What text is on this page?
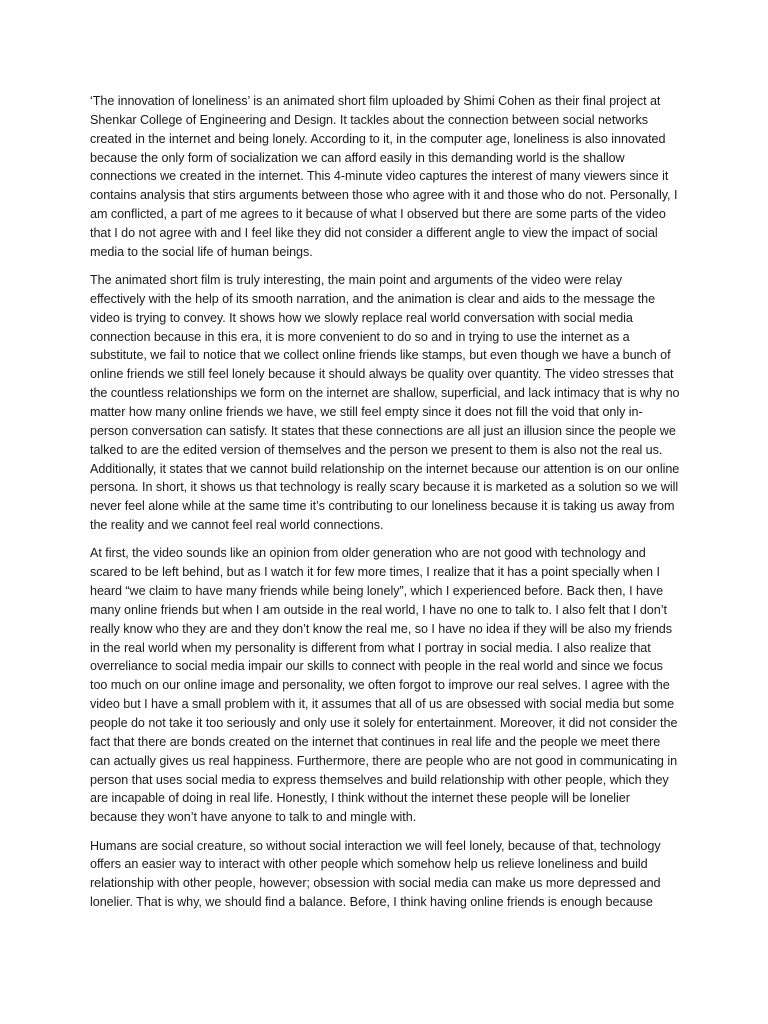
‘The innovation of loneliness’ is an animated short film uploaded by Shimi Cohen as their final project at Shenkar College of Engineering and Design. It tackles about the connection between social networks created in the internet and being lonely. According to it, in the computer age, loneliness is also innovated because the only form of socialization we can afford easily in this demanding world is the shallow connections we created in the internet. This 4-minute video captures the interest of many viewers since it contains analysis that stirs arguments between those who agree with it and those who do not. Personally, I am conflicted, a part of me agrees to it because of what I observed but there are some parts of the video that I do not agree with and I feel like they did not consider a different angle to view the impact of social media to the social life of human beings.

The animated short film is truly interesting, the main point and arguments of the video were relay effectively with the help of its smooth narration, and the animation is clear and aids to the message the video is trying to convey. It shows how we slowly replace real world conversation with social media connection because in this era, it is more convenient to do so and in trying to use the internet as a substitute, we fail to notice that we collect online friends like stamps, but even though we have a bunch of online friends we still feel lonely because it should always be quality over quantity. The video stresses that the countless relationships we form on the internet are shallow, superficial, and lack intimacy that is why no matter how many online friends we have, we still feel empty since it does not fill the void that only in-person conversation can satisfy. It states that these connections are all just an illusion since the people we talked to are the edited version of themselves and the person we present to them is also not the real us. Additionally, it states that we cannot build relationship on the internet because our attention is on our online persona. In short, it shows us that technology is really scary because it is marketed as a solution so we will never feel alone while at the same time it’s contributing to our loneliness because it is taking us away from the reality and we cannot feel real world connections.

At first, the video sounds like an opinion from older generation who are not good with technology and scared to be left behind, but as I watch it for few more times, I realize that it has a point specially when I heard “we claim to have many friends while being lonely”, which I experienced before. Back then, I have many online friends but when I am outside in the real world, I have no one to talk to. I also felt that I don’t really know who they are and they don’t know the real me, so I have no idea if they will be also my friends in the real world when my personality is different from what I portray in social media. I also realize that overreliance to social media impair our skills to connect with people in the real world and since we focus too much on our online image and personality, we often forgot to improve our real selves. I agree with the video but I have a small problem with it, it assumes that all of us are obsessed with social media but some people do not take it too seriously and only use it solely for entertainment. Moreover, it did not consider the fact that there are bonds created on the internet that continues in real life and the people we meet there can actually gives us real happiness. Furthermore, there are people who are not good in communicating in person that uses social media to express themselves and build relationship with other people, which they are incapable of doing in real life. Honestly, I think without the internet these people will be lonelier because they won’t have anyone to talk to and mingle with.

Humans are social creature, so without social interaction we will feel lonely, because of that, technology offers an easier way to interact with other people which somehow help us relieve loneliness and build relationship with other people, however; obsession with social media can make us more depressed and lonelier. That is why, we should find a balance. Before, I think having online friends is enough because
